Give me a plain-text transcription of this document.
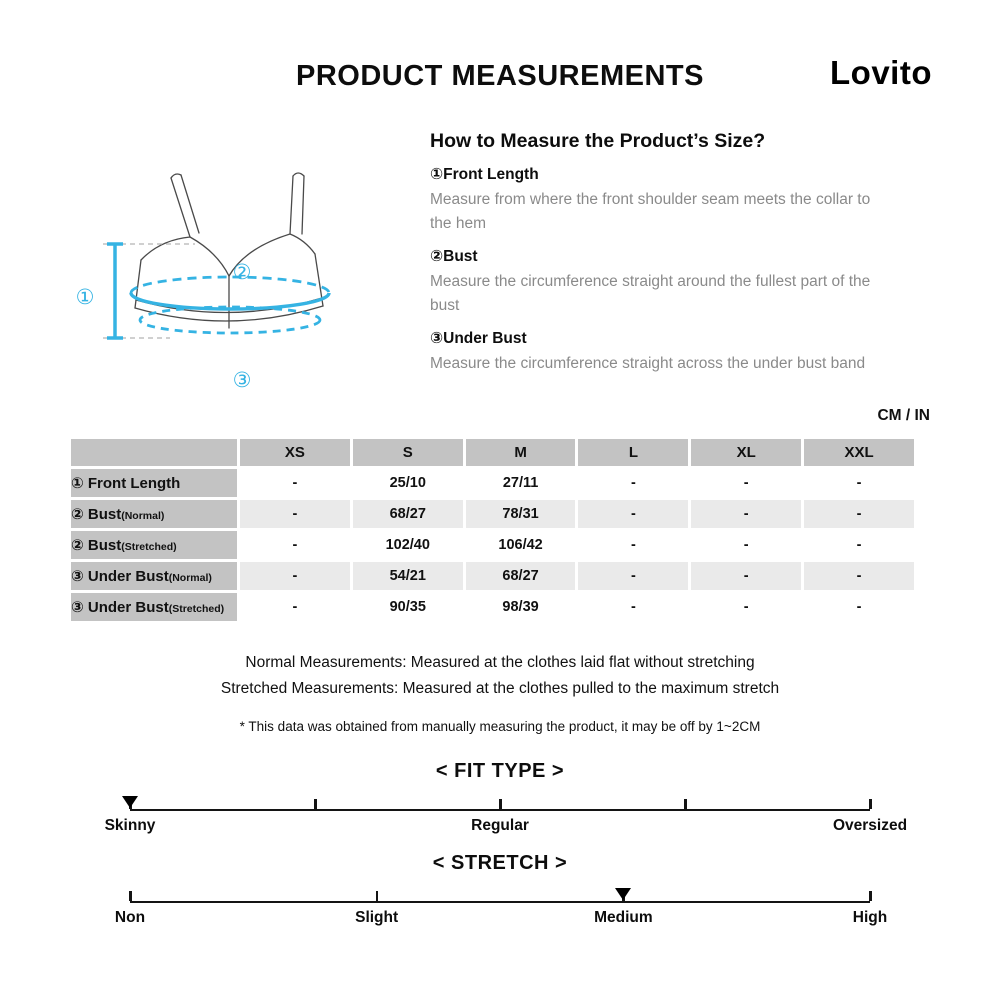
PRODUCT MEASUREMENTS	Lovito
①
②
③
How to Measure the Product’s Size?
①Front Length

Measure from where the front shoulder seam meets the collar to the hem

②Bust

Measure the circumference straight around the fullest part of the bust

③Under Bust

Measure the circumference straight across the under bust band

CM / IN
	XS	S	M	L	XL	XXL
① Front Length	-	25/10	27/11	-	-	-
② Bust(Normal)	-	68/27	78/31	-	-	-
② Bust(Stretched)	-	102/40	106/42	-	-	-
③ Under Bust(Normal)	-	54/21	68/27	-	-	-
③ Under Bust(Stretched)	-	90/35	98/39	-	-	-
Normal Measurements: Measured at the clothes laid flat without stretching
Stretched Measurements: Measured at the clothes pulled to the maximum stretch
* This data was obtained from manually measuring the product, it may be off by 1~2CM
< FIT TYPE >
Skinny	Regular	Oversized
< STRETCH >
Non	Slight	Medium	High
